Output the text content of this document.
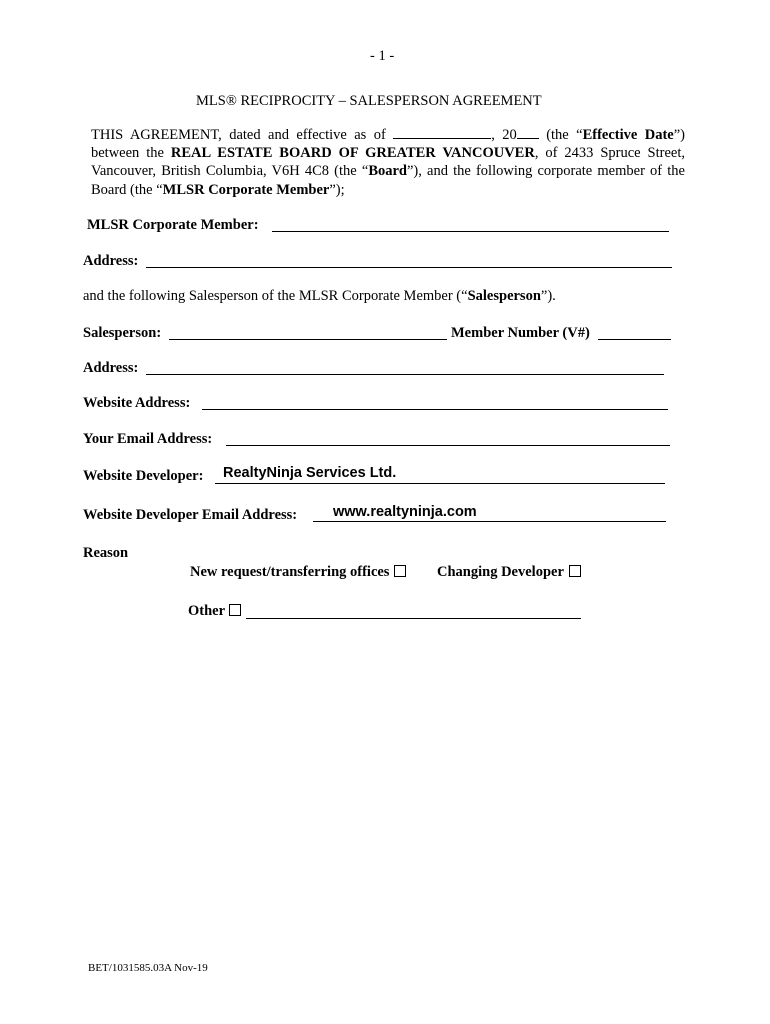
- 1 -
MLS® RECIPROCITY – SALESPERSON AGREEMENT
THIS AGREEMENT, dated and effective as of	, 20 (the “Effective Date”) between the REAL ESTATE BOARD OF GREATER VANCOUVER, of 2433 Spruce Street, Vancouver, British Columbia, V6H 4C8 (the “Board”), and the following corporate member of the Board (the “MLSR Corporate Member”);
MLSR Corporate Member:
Address:
and the following Salesperson of the MLSR Corporate Member (“Salesperson”).
Salesperson:	Member Number (V#)
Address:
Website Address:
Your Email Address:
Website Developer: RealtyNinja Services Ltd.
Website Developer Email Address: www.realtyninja.com
Reason
New request/transferring offices	Changing Developer
Other
BET/1031585.03A Nov-19
